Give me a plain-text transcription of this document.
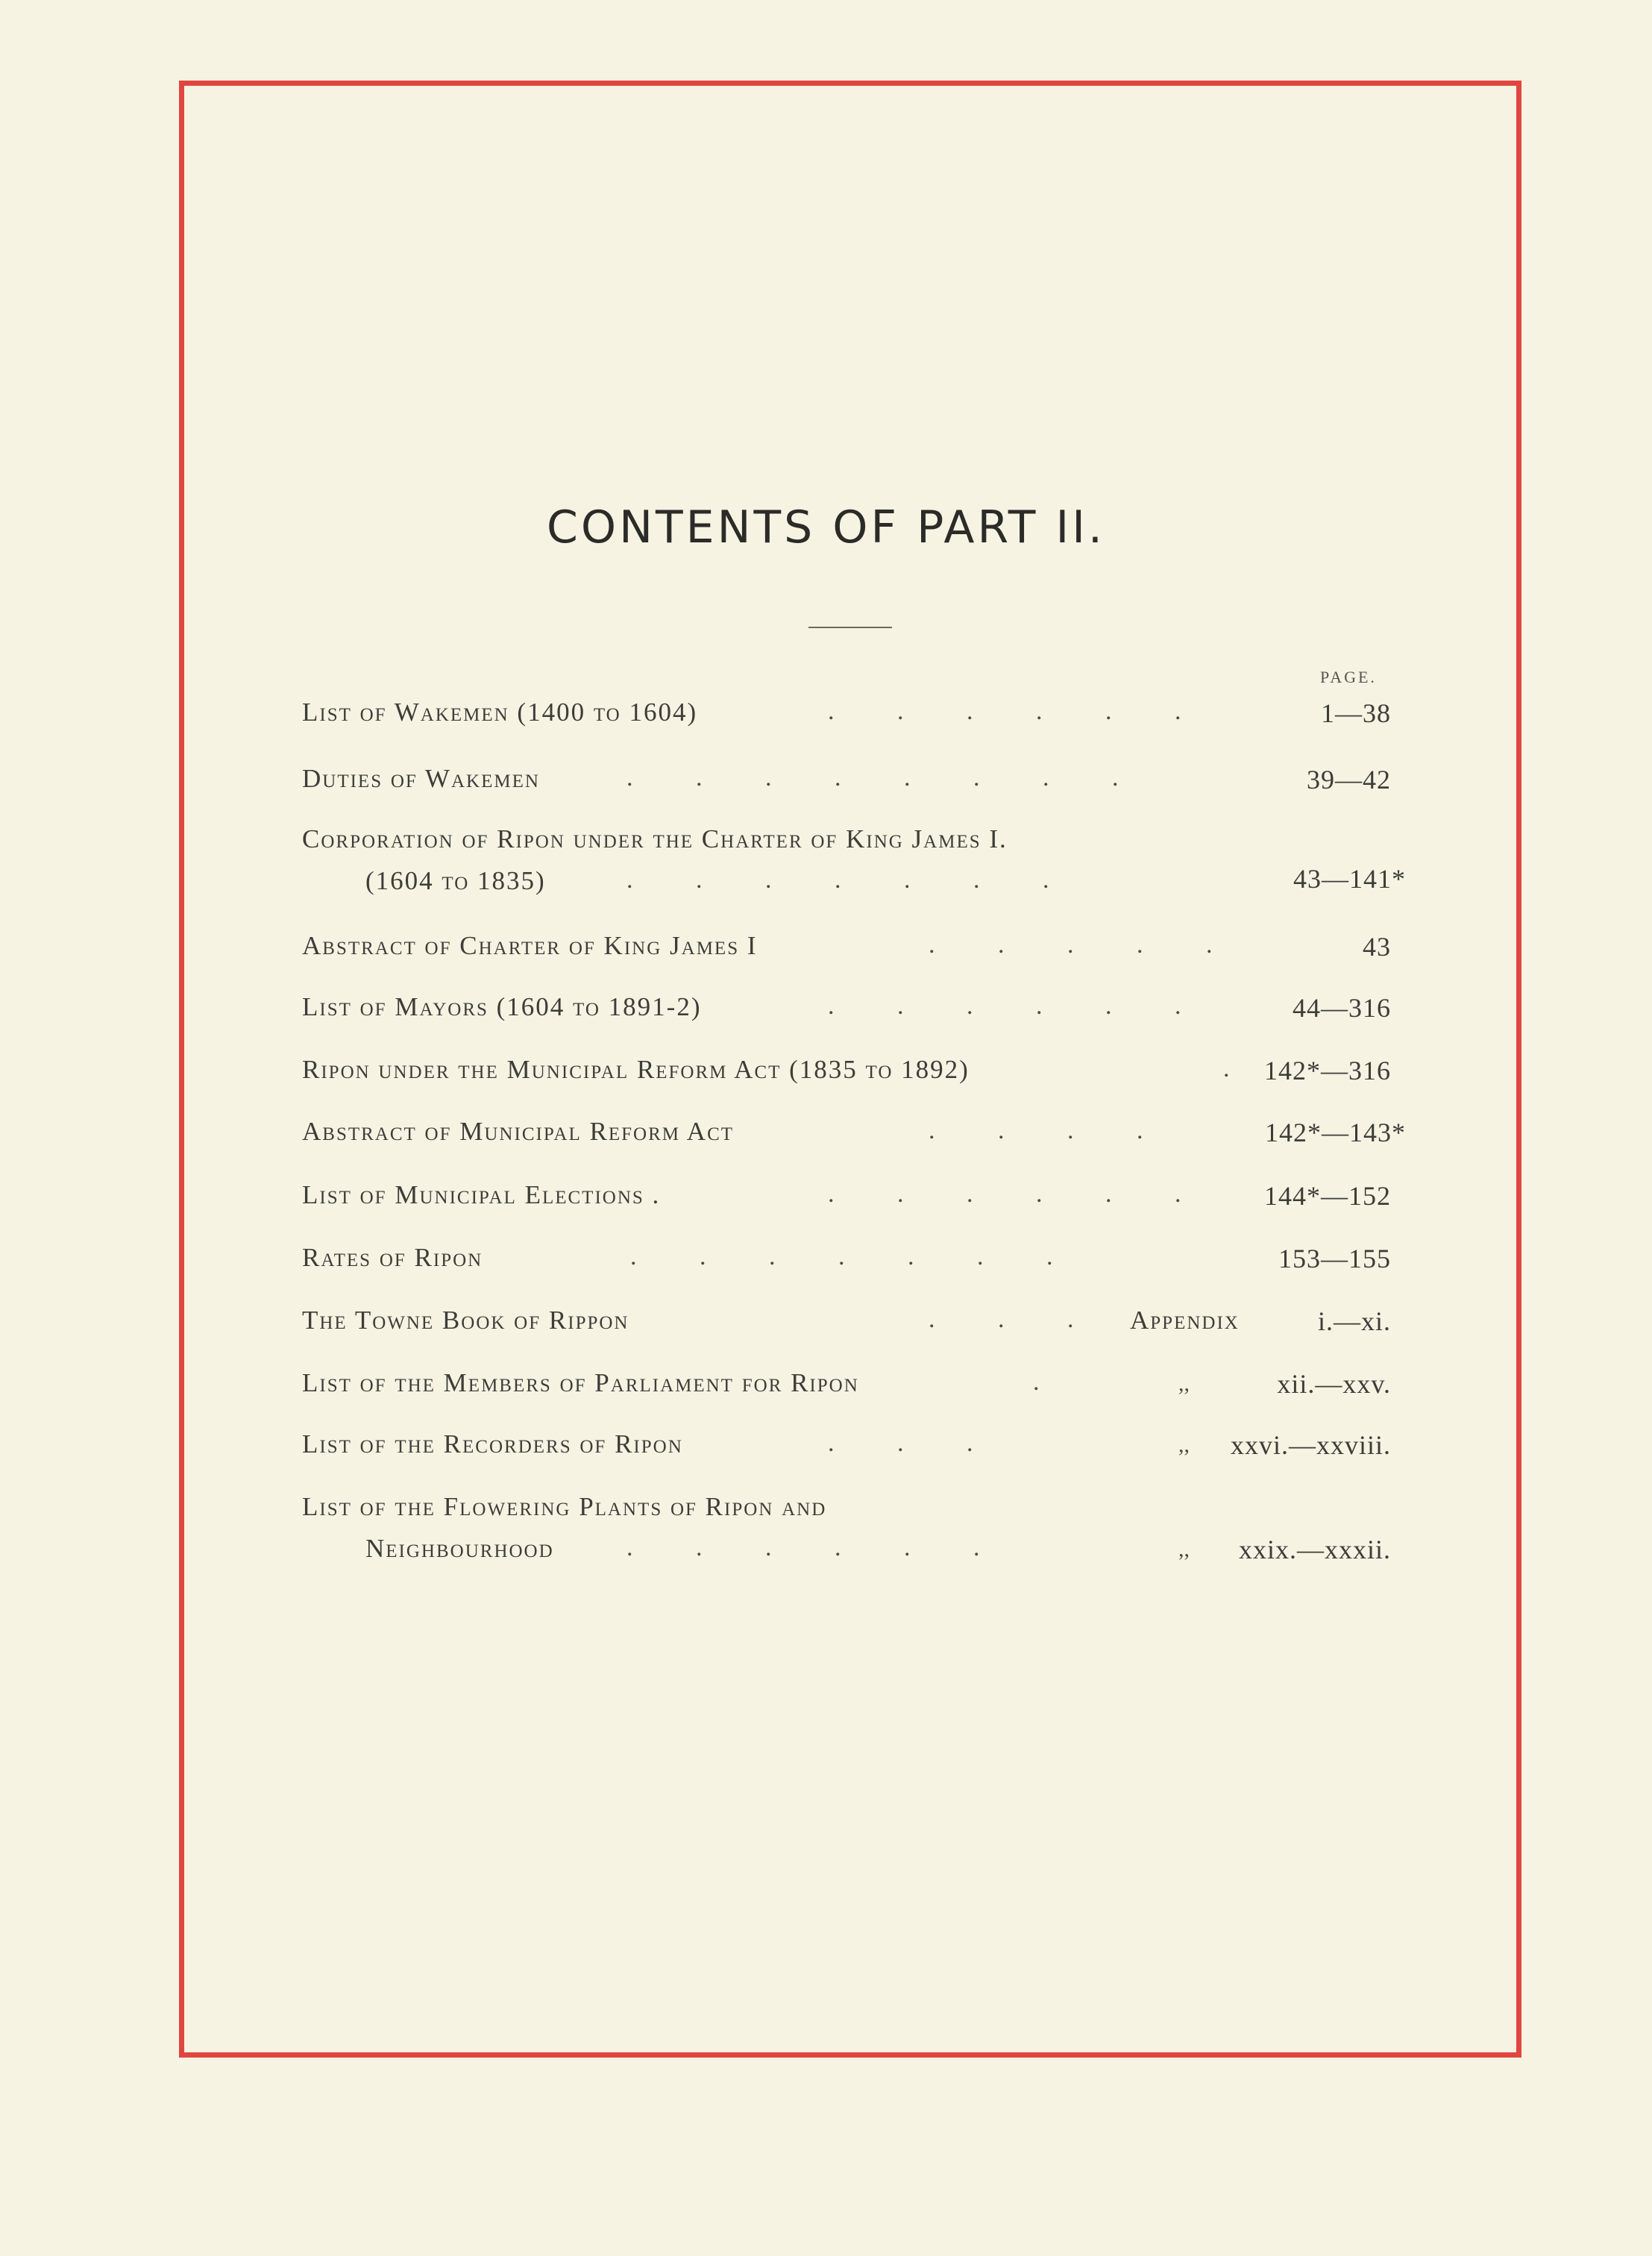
CONTENTS OF PART II.
PAGE.
List of Wakemen (1400 to 1604)	. . . . . .	1—38
Duties of Wakemen	. . . . . . . .	39—42
Corporation of Ripon under the Charter of King James I.
(1604 to 1835)	. . . . . . .	43—141*
Abstract of Charter of King James I	. . . . .	43
List of Mayors (1604 to 1891-2)	. . . . . .	44—316
Ripon under the Municipal Reform Act (1835 to 1892)	. 142*—316
Abstract of Municipal Reform Act	. . . .	142*—143*
List of Municipal Elections .	. . . . . . 144*—152
Rates of Ripon	. . . . . . .	153—155
The Towne Book of Rippon	. . . Appendix	i.—xi.
List of the Members of Parliament for Ripon	.	,,	xii.—xxv.
List of the Recorders of Ripon	. . .	,, xxvi.—xxviii.
List of the Flowering Plants of Ripon and
Neighbourhood	. . . . . .	,, xxix.—xxxii.
